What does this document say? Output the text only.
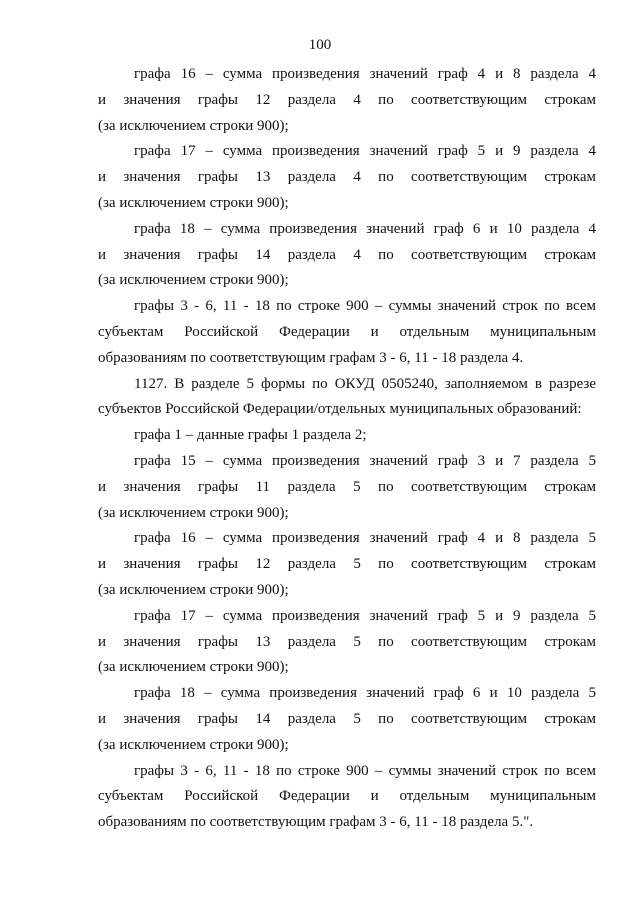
100
графа 16 – сумма произведения значений граф 4 и 8 раздела 4
и значения графы 12 раздела 4 по соответствующим строкам
(за исключением строки 900);
графа 17 – сумма произведения значений граф 5 и 9 раздела 4
и значения графы 13 раздела 4 по соответствующим строкам
(за исключением строки 900);
графа 18 – сумма произведения значений граф 6 и 10 раздела 4
и значения графы 14 раздела 4 по соответствующим строкам
(за исключением строки 900);
графы 3 - 6, 11 - 18 по строке 900 – суммы значений строк по всем
субъектам Российской Федерации и отдельным муниципальным
образованиям по соответствующим графам 3 - 6, 11 - 18 раздела 4.
1127. В разделе 5 формы по ОКУД 0505240, заполняемом в разрезе
субъектов Российской Федерации/отдельных муниципальных образований:
графа 1 – данные графы 1 раздела 2;
графа 15 – сумма произведения значений граф 3 и 7 раздела 5
и значения графы 11 раздела 5 по соответствующим строкам
(за исключением строки 900);
графа 16 – сумма произведения значений граф 4 и 8 раздела 5
и значения графы 12 раздела 5 по соответствующим строкам
(за исключением строки 900);
графа 17 – сумма произведения значений граф 5 и 9 раздела 5
и значения графы 13 раздела 5 по соответствующим строкам
(за исключением строки 900);
графа 18 – сумма произведения значений граф 6 и 10 раздела 5
и значения графы 14 раздела 5 по соответствующим строкам
(за исключением строки 900);
графы 3 - 6, 11 - 18 по строке 900 – суммы значений строк по всем
субъектам Российской Федерации и отдельным муниципальным
образованиям по соответствующим графам 3 - 6, 11 - 18 раздела 5.".
